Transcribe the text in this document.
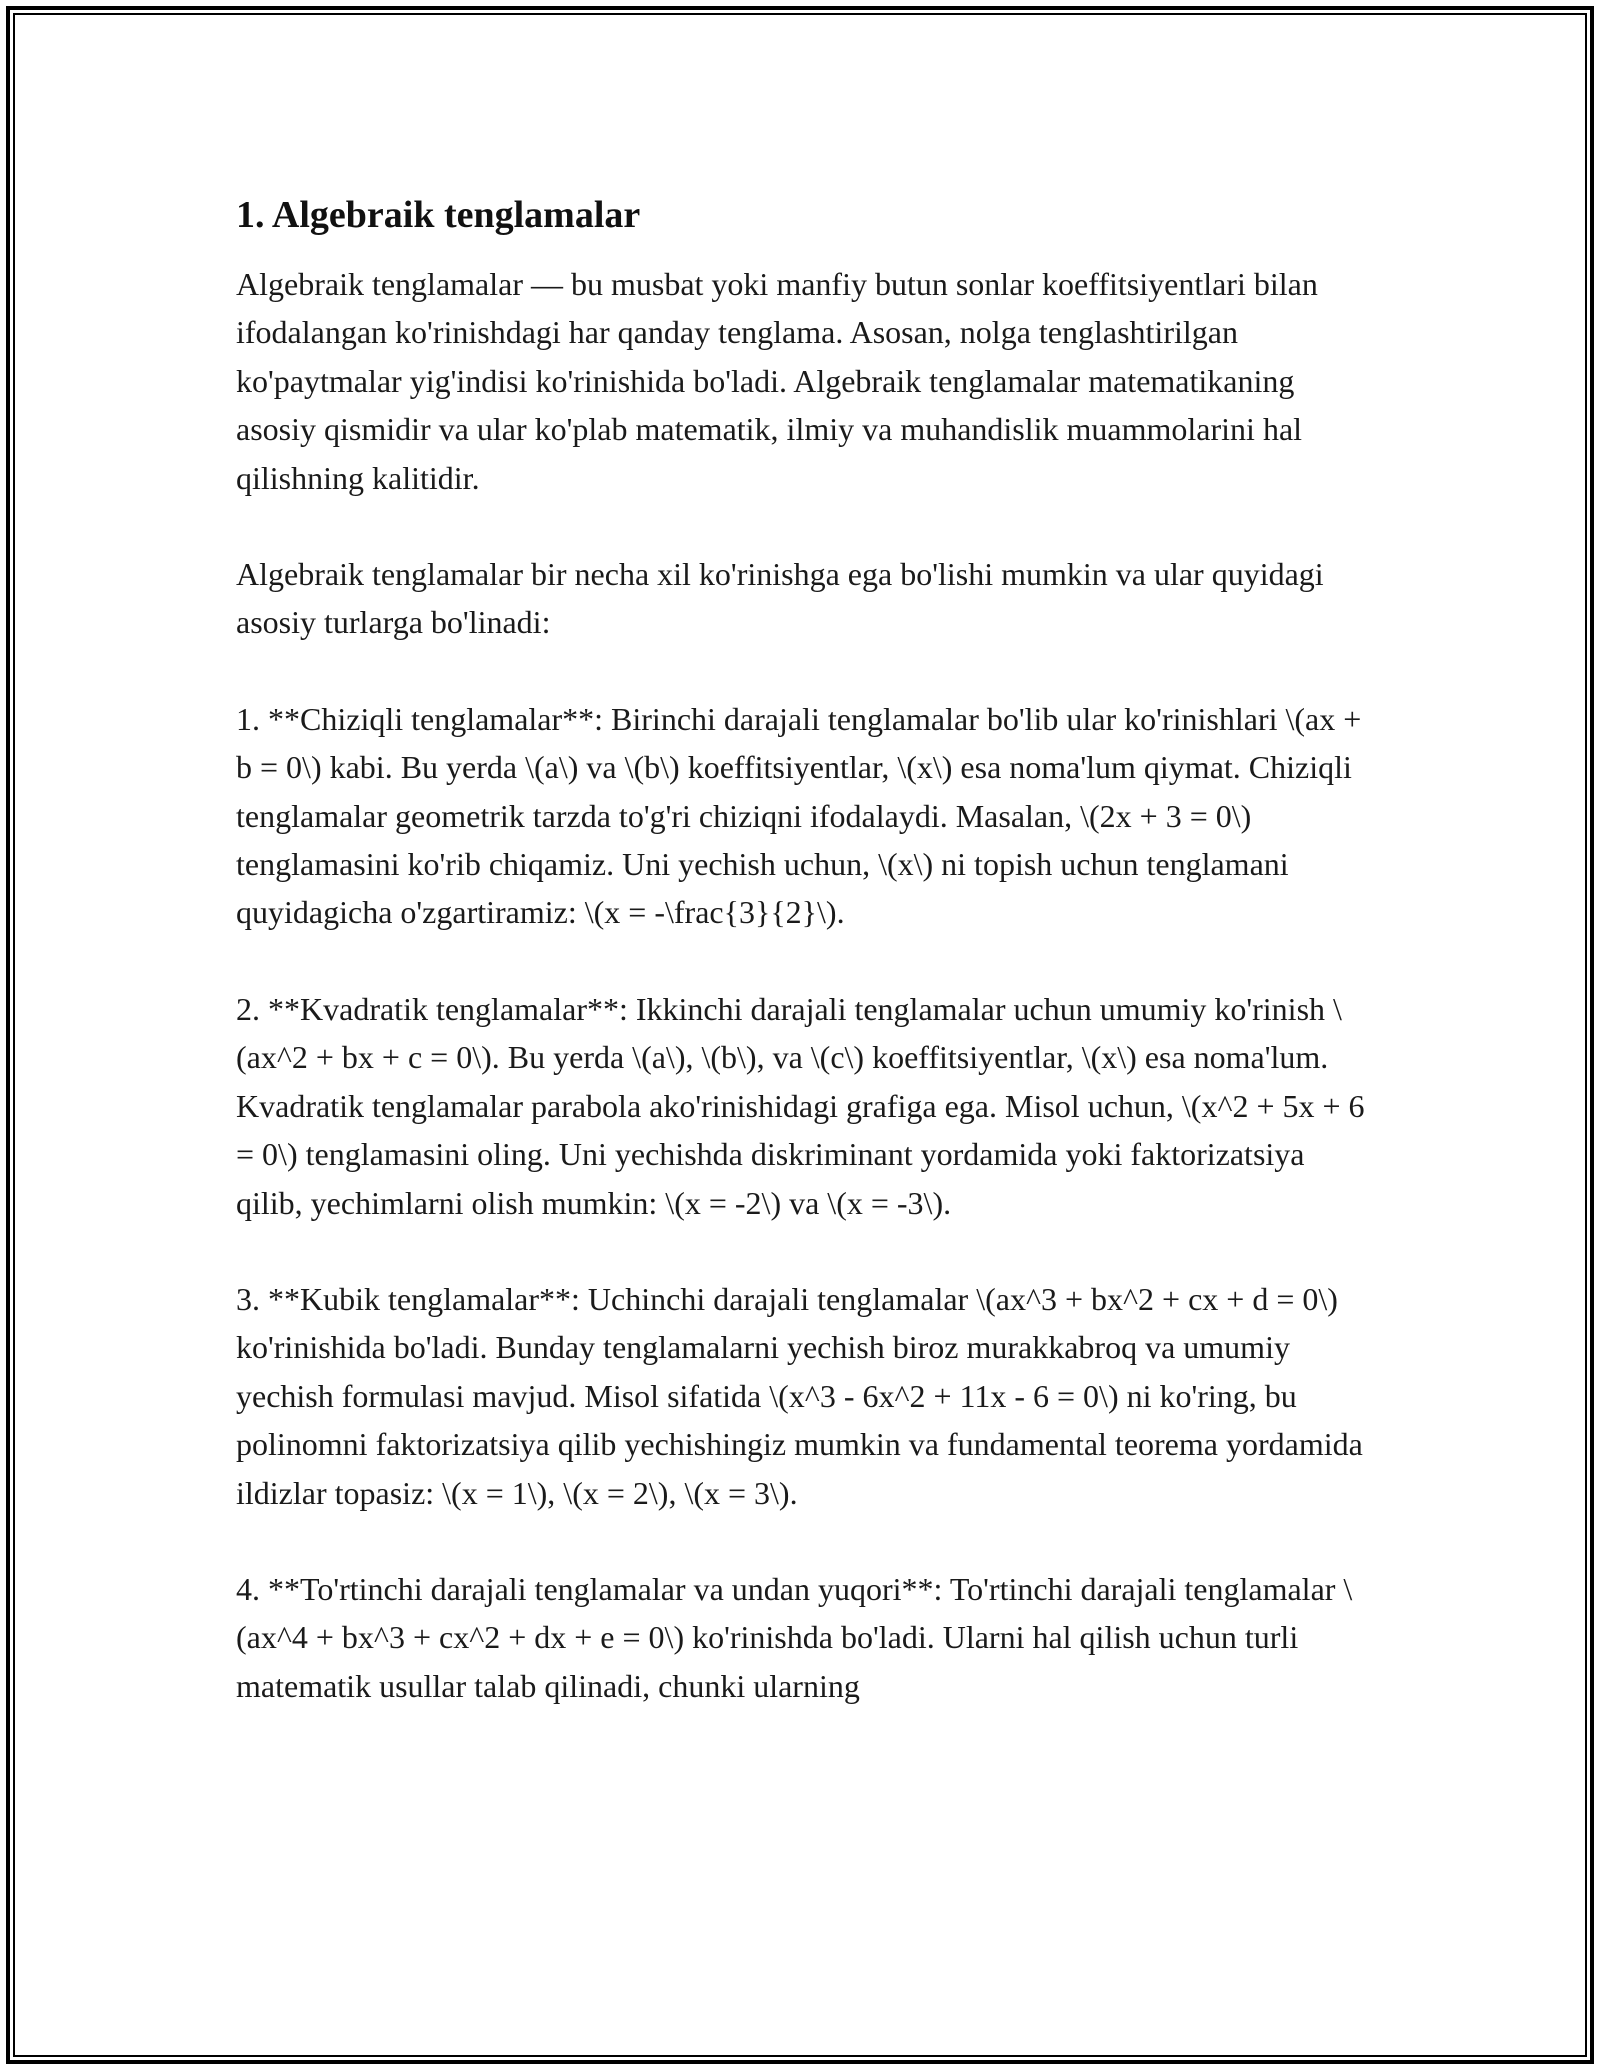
1. Algebraik tenglamalar

Algebraik tenglamalar — bu musbat yoki manfiy butun sonlar koeffitsiyentlari bilan ifodalangan ko'rinishdagi har qanday tenglama. Asosan, nolga tenglashtirilgan ko'paytmalar yig'indisi ko'rinishida bo'ladi. Algebraik tenglamalar matematikaning asosiy qismidir va ular ko'plab matematik, ilmiy va muhandislik muammolarini hal qilishning kalitidir.

Algebraik tenglamalar bir necha xil ko'rinishga ega bo'lishi mumkin va ular quyidagi asosiy turlarga bo'linadi:

1. **Chiziqli tenglamalar**: Birinchi darajali tenglamalar bo'lib ular ko'rinishlari \(ax + b = 0\) kabi. Bu yerda \(a\) va \(b\) koeffitsiyentlar, \(x\) esa noma'lum qiymat. Chiziqli tenglamalar geometrik tarzda to'g'ri chiziqni ifodalaydi. Masalan, \(2x + 3 = 0\) tenglamasini ko'rib chiqamiz. Uni yechish uchun, \(x\) ni topish uchun tenglamani quyidagicha o'zgartiramiz: \(x = -\frac{3}{2}\).

2. **Kvadratik tenglamalar**: Ikkinchi darajali tenglamalar uchun umumiy ko'rinish \(ax^2 + bx + c = 0\). Bu yerda \(a\), \(b\), va \(c\) koeffitsiyentlar, \(x\) esa noma'lum. Kvadratik tenglamalar parabola ako'rinishidagi grafiga ega. Misol uchun, \(x^2 + 5x + 6 = 0\) tenglamasini oling. Uni yechishda diskriminant yordamida yoki faktorizatsiya qilib, yechimlarni olish mumkin: \(x = -2\) va \(x = -3\).

3. **Kubik tenglamalar**: Uchinchi darajali tenglamalar \(ax^3 + bx^2 + cx + d = 0\) ko'rinishida bo'ladi. Bunday tenglamalarni yechish biroz murakkabroq va umumiy yechish formulasi mavjud. Misol sifatida \(x^3 - 6x^2 + 11x - 6 = 0\) ni ko'ring, bu polinomni faktorizatsiya qilib yechishingiz mumkin va fundamental teorema yordamida ildizlar topasiz: \(x = 1\), \(x = 2\), \(x = 3\).

4. **To'rtinchi darajali tenglamalar va undan yuqori**: To'rtinchi darajali tenglamalar \(ax^4 + bx^3 + cx^2 + dx + e = 0\) ko'rinishda bo'ladi. Ularni hal qilish uchun turli matematik usullar talab qilinadi, chunki ularning
